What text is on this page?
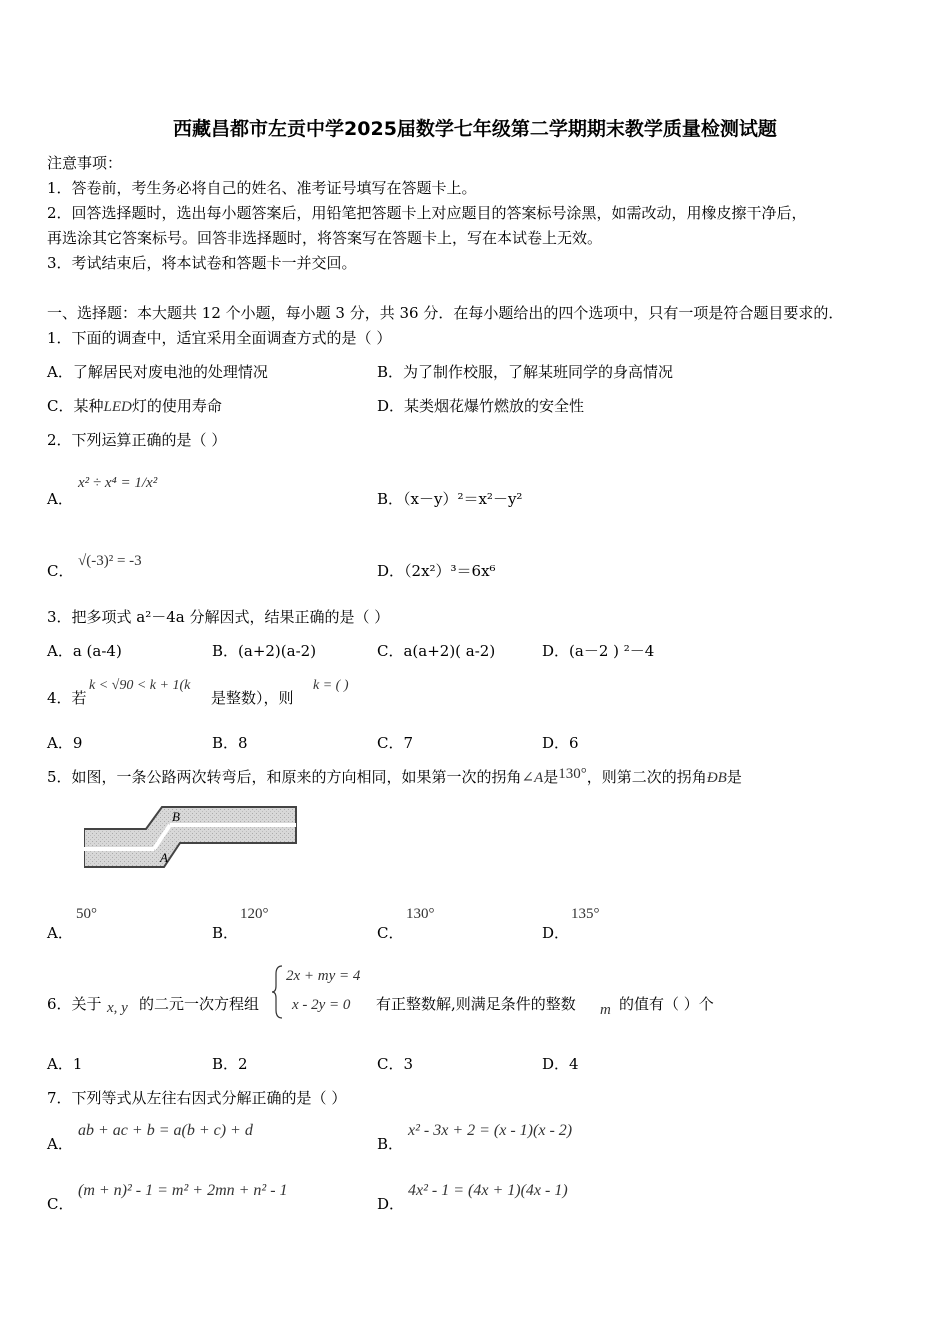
西藏昌都市左贡中学2025届数学七年级第二学期期末教学质量检测试题
注意事项：
1．答卷前，考生务必将自己的姓名、准考证号填写在答题卡上。
2．回答选择题时，选出每小题答案后，用铅笔把答题卡上对应题目的答案标号涂黑，如需改动，用橡皮擦干净后，
再选涂其它答案标号。回答非选择题时，将答案写在答题卡上，写在本试卷上无效。
3．考试结束后，将本试卷和答题卡一并交回。
一、选择题：本大题共 12 个小题，每小题 3 分，共 36 分．在每小题给出的四个选项中，只有一项是符合题目要求的．
1．下面的调查中，适宜采用全面调查方式的是（ ）
A．了解居民对废电池的处理情况	B．为了制作校服，了解某班同学的身高情况
C．某种LED灯的使用寿命	D．某类烟花爆竹燃放的安全性
2．下列运算正确的是（ ）
A．
x² ÷ x⁴ = 1/x²
B．（x－y）²＝x²－y²
C．
√(-3)² = -3
D．（2x²）³＝6x⁶
3．把多项式 a²－4a 分解因式，结果正确的是（ ）
A．a (a-4)	B．(a+2)(a-2)	C．a(a+2)( a-2)	D．(a－2 ) ²－4
4．若
k < √90 < k + 1(k
是整数），则
k = ( )
A．9	B．8	C．7	D．6
5．如图，一条公路两次转弯后，和原来的方向相同，如果第一次的拐角∠A是130°，则第二次的拐角ÐB是
B
A
A．
50°
B．
120°
C．
130°
D．
135°
6．关于 x, y 的二元一次方程组
2x + my = 4
x - 2y = 0 有正整数解,则满足条件的整数 m 的值有（ ）个
A．1	B．2	C．3	D．4
7．下列等式从左往右因式分解正确的是（ ）
A．
ab + ac + b = a(b + c) + d
B．
x² - 3x + 2 = (x - 1)(x - 2)
C．
(m + n)² - 1 = m² + 2mn + n² - 1
D．
4x² - 1 = (4x + 1)(4x - 1)
